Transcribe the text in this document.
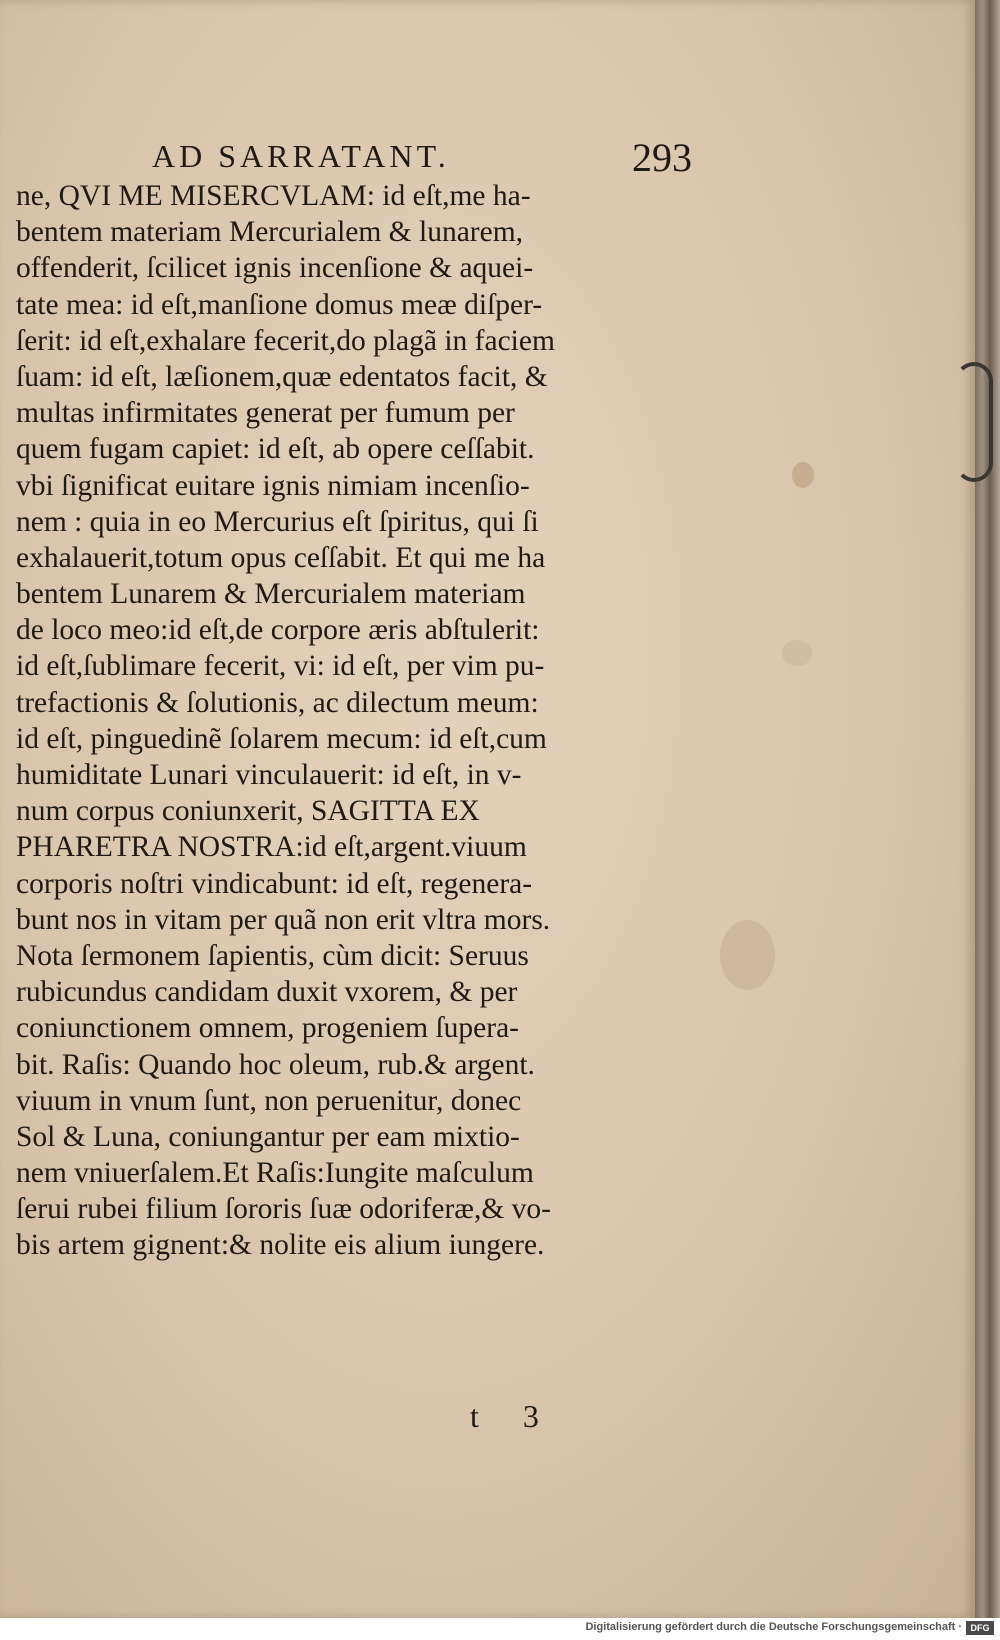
AD SARRATANT.	293
ne, QVI ME MISERCVLAM: id eſt,me ha-
bentem materiam Mercurialem & lunarem,
offenderit, ſcilicet ignis incenſione & aquei-
tate mea: id eſt,manſione domus meæ diſper-
ſerit: id eſt,exhalare fecerit,do plagã in faciem
ſuam: id eſt, læſionem,quæ edentatos facit, &
multas infirmitates generat per fumum per
quem fugam capiet: id eſt, ab opere ceſſabit.
vbi ſignificat euitare ignis nimiam incenſio-
nem : quia in eo Mercurius eſt ſpiritus, qui ſi
exhalauerit,totum opus ceſſabit. Et qui me ha
bentem Lunarem & Mercurialem materiam
de loco meo:id eſt,de corpore æris abſtulerit:
id eſt,ſublimare fecerit, vi: id eſt, per vim pu-
trefactionis & ſolutionis, ac dilectum meum:
id eſt, pinguedinẽ ſolarem mecum: id eſt,cum
humiditate Lunari vinculauerit: id eſt, in v-
num corpus coniunxerit, SAGITTA EX
PHARETRA NOSTRA:id eſt,argent.viuum
corporis noſtri vindicabunt: id eſt, regenera-
bunt nos in vitam per quã non erit vltra mors.
Nota ſermonem ſapientis, cùm dicit: Seruus
rubicundus candidam duxit vxorem, & per
coniunctionem omnem, progeniem ſupera-
bit. Raſis: Quando hoc oleum, rub.& argent.
viuum in vnum ſunt, non peruenitur, donec
Sol & Luna, coniungantur per eam mixtio-
nem vniuerſalem.Et Raſis:Iungite maſculum
ſerui rubei filium ſororis ſuæ odoriferæ,& vo-
bis artem gignent:& nolite eis alium iungere.
t 3
Digitalisierung gefördert durch die Deutsche Forschungsgemeinschaft · DFG
